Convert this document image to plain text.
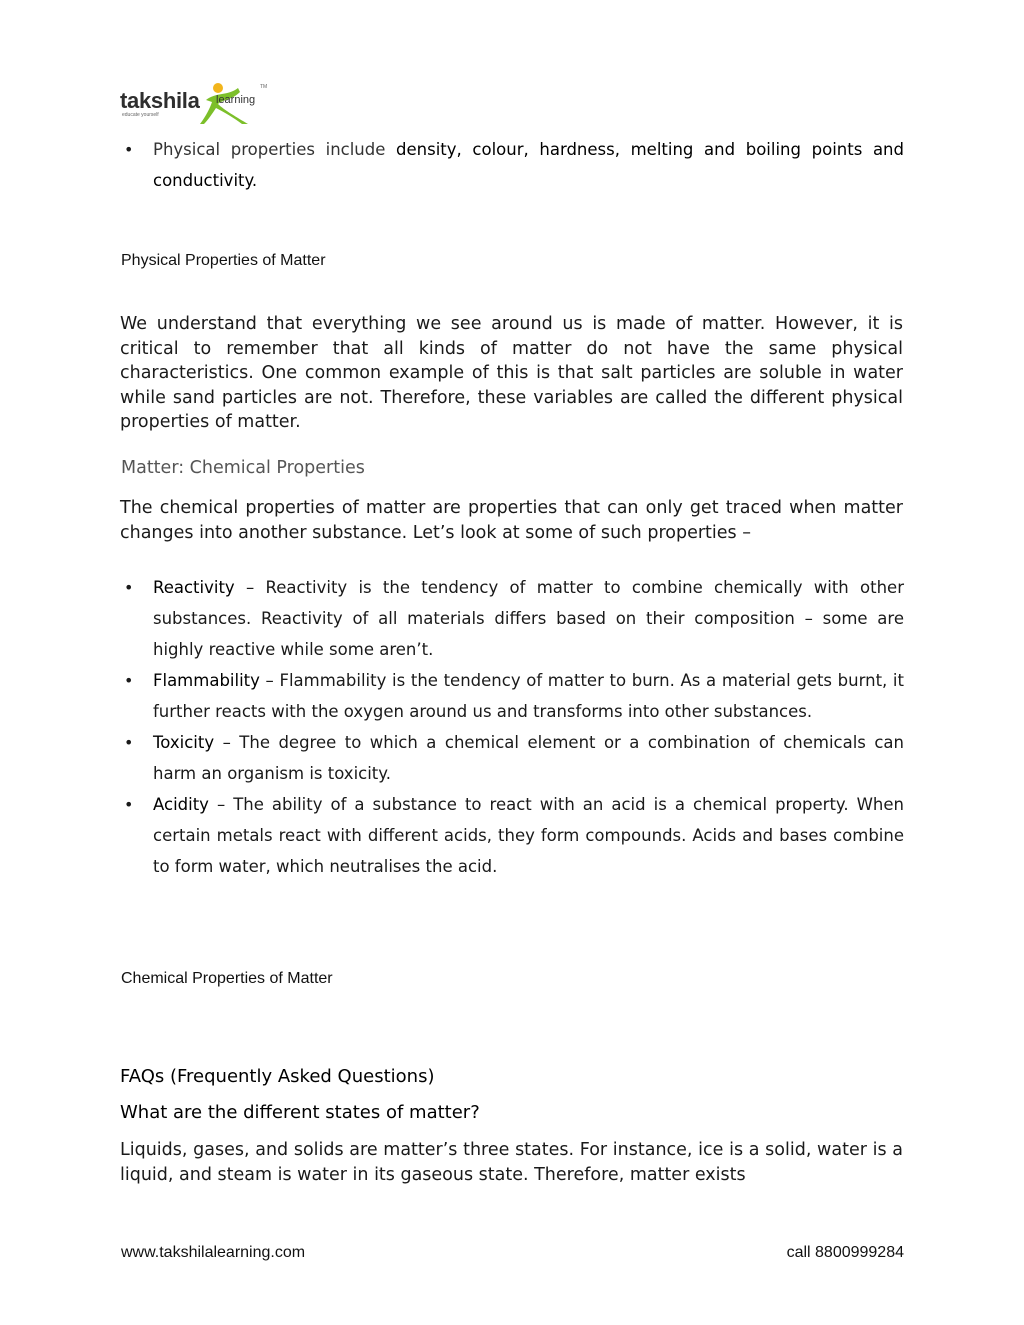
takshila learning
TM
educate yourself
• Physical properties include density, colour, hardness, melting and boiling points and conductivity.
Physical Properties of Matter

We understand that everything we see around us is made of matter. However, it is critical to remember that all kinds of matter do not have the same physical characteristics. One common example of this is that salt particles are soluble in water while sand particles are not. Therefore, these variables are called the different physical properties of matter.

Matter: Chemical Properties

The chemical properties of matter are properties that can only get traced when matter changes into another substance. Let’s look at some of such properties –

• Reactivity – Reactivity is the tendency of matter to combine chemically with other substances. Reactivity of all materials differs based on their composition – some are highly reactive while some aren’t.
• Flammability – Flammability is the tendency of matter to burn. As a material gets burnt, it further reacts with the oxygen around us and transforms into other substances.
• Toxicity – The degree to which a chemical element or a combination of chemicals can harm an organism is toxicity.
• Acidity – The ability of a substance to react with an acid is a chemical property. When certain metals react with different acids, they form compounds. Acids and bases combine to form water, which neutralises the acid.
Chemical Properties of Matter
FAQs (Frequently Asked Questions)
What are the different states of matter?

Liquids, gases, and solids are matter’s three states. For instance, ice is a solid, water is a liquid, and steam is water in its gaseous state. Therefore, matter exists

www.takshilalearning.com	call 8800999284
